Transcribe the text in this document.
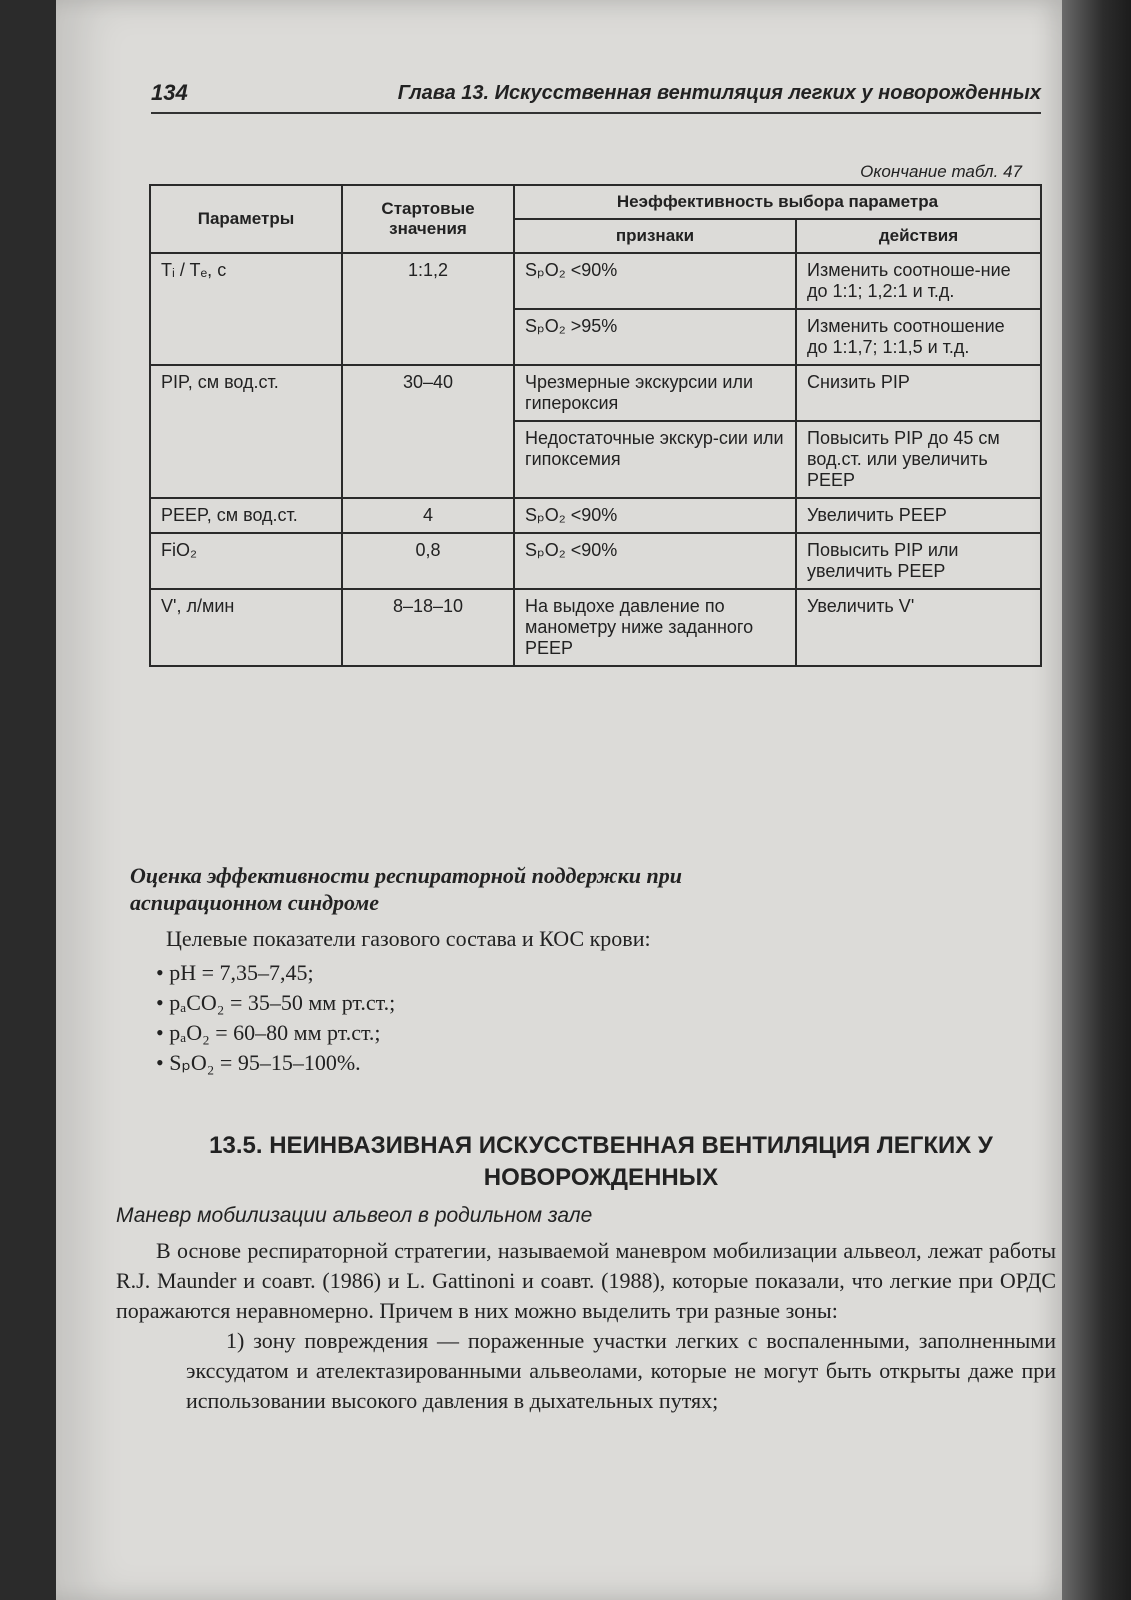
134	Глава 13. Искусственная вентиляция легких у новорожденных
Окончание табл. 47
Параметры	Стартовые значения	Неэффективность выбора параметра	
		признаки	действия
Tᵢ / Tₑ, с	1:1,2	SₚO₂ <90%	Изменить соотноше-ние до 1:1; 1,2:1 и т.д.
		SₚO₂ >95%	Изменить соотношение до 1:1,7; 1:1,5 и т.д.
PIP, см вод.ст.	30–40	Чрезмерные экскурсии или гипероксия	Снизить PIP
		Недостаточные экскур-сии или гипоксемия	Повысить PIP до 45 см вод.ст. или увеличить PEEP
PEEP, см вод.ст.	4	SₚO₂ <90%	Увеличить PEEP
FiO₂	0,8	SₚO₂ <90%	Повысить PIP или увеличить PEEP
V', л/мин	8–18–10	На выдохе давление по манометру ниже заданного PEEP	Увеличить V'
Оценка эффективности респираторной поддержки при аспирационном синдроме
Целевые показатели газового состава и КОС крови:
• pH = 7,35–7,45;
• pₐCO₂ = 35–50 мм рт.ст.;
• pₐO₂ = 60–80 мм рт.ст.;
• SₚO₂ = 95–15–100%.
13.5. НЕИНВАЗИВНАЯ ИСКУССТВЕННАЯ ВЕНТИЛЯЦИЯ ЛЕГКИХ У НОВОРОЖДЕННЫХ
Маневр мобилизации альвеол в родильном зале

В основе респираторной стратегии, называемой маневром мобилизации альвеол, лежат работы R.J. Maunder и соавт. (1986) и L. Gattinoni и соавт. (1988), которые показали, что легкие при ОРДС поражаются неравномерно. Причем в них можно выделить три разные зоны:

1) зону повреждения — пораженные участки легких с воспаленными, заполненными экссудатом и ателектазированными альвеолами, которые не могут быть открыты даже при использовании высокого давления в дыхательных путях;
